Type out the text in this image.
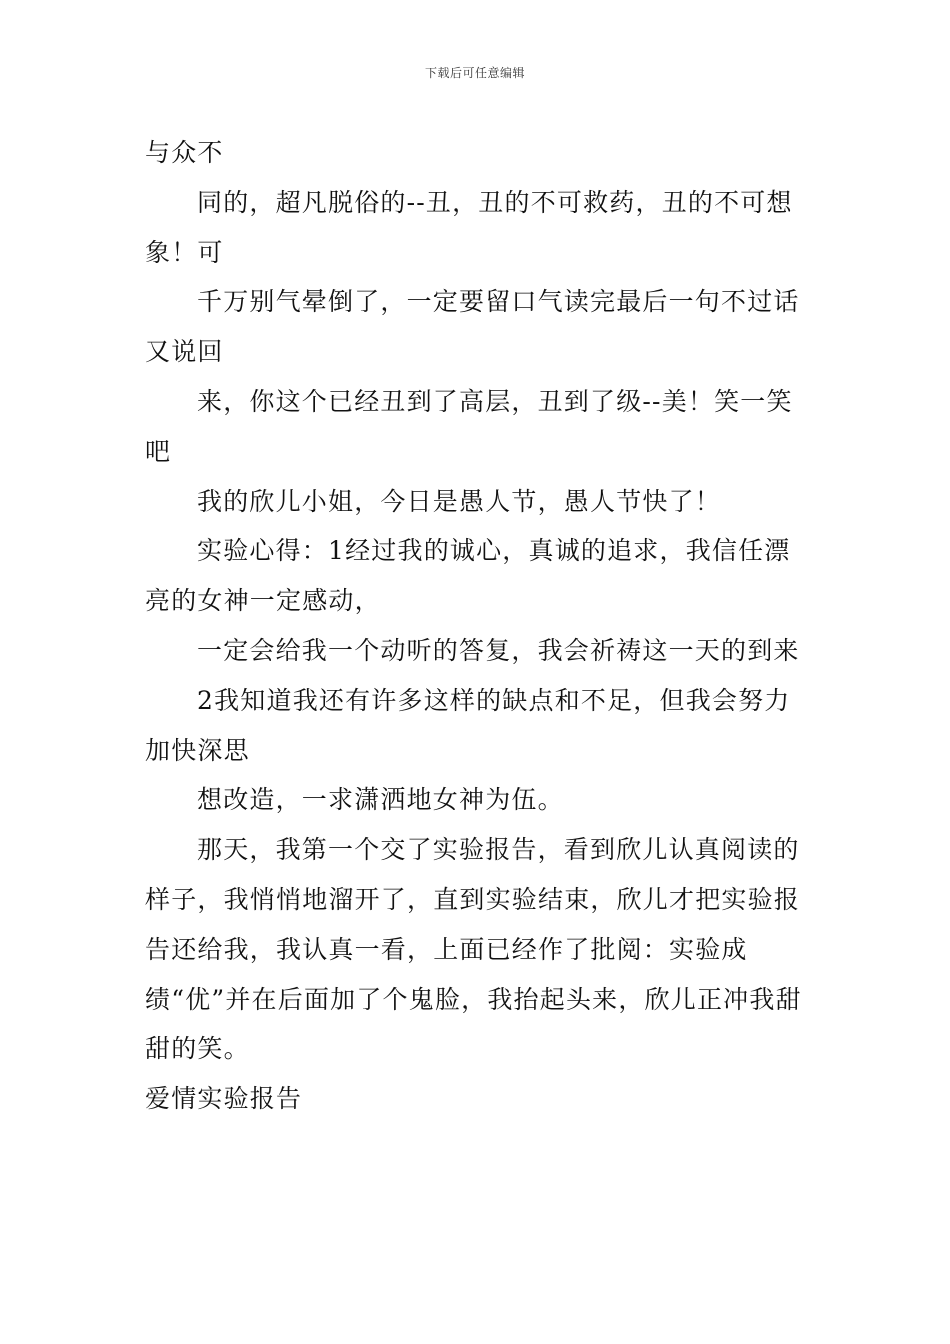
下载后可任意编辑

与众不

同的，超凡脱俗的--丑，丑的不可救药，丑的不可想象！可

千万别气晕倒了，一定要留口气读完最后一句不过话又说回

来，你这个已经丑到了高层，丑到了级--美！笑一笑吧

我的欣儿小姐，今日是愚人节，愚人节快了！

实验心得：1经过我的诚心，真诚的追求，我信任漂亮的女神一定感动，

一定会给我一个动听的答复，我会祈祷这一天的到来

2我知道我还有许多这样的缺点和不足，但我会努力加快深思

想改造，一求潇洒地女神为伍。

那天，我第一个交了实验报告，看到欣儿认真阅读的样子，我悄悄地溜开了，直到实验结束，欣儿才把实验报告还给我，我认真一看，上面已经作了批阅：实验成绩“优”并在后面加了个鬼脸，我抬起头来，欣儿正冲我甜甜的笑。

爱情实验报告
